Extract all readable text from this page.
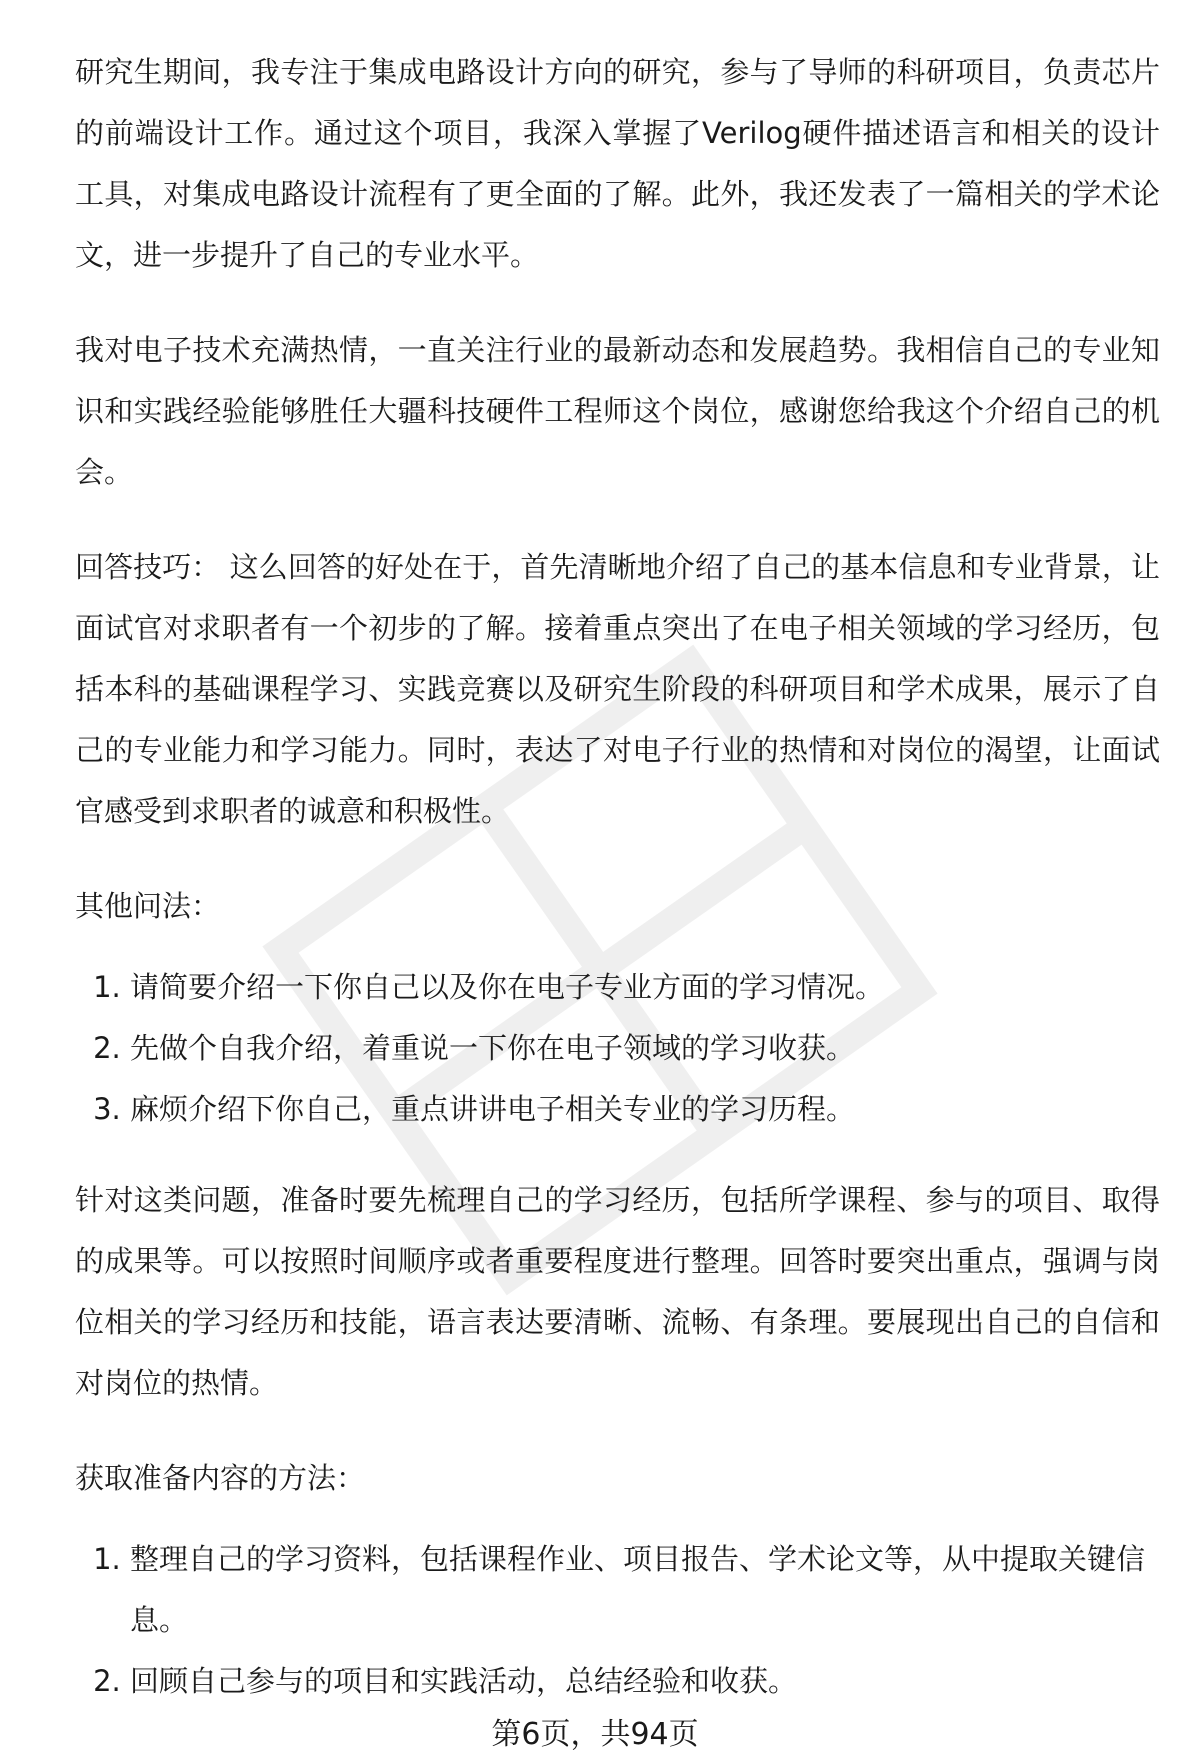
研究生期间，我专注于集成电路设计方向的研究，参与了导师的科研项目，负责芯片的前端设计工作。通过这个项目，我深入掌握了Verilog硬件描述语言和相关的设计工具，对集成电路设计流程有了更全面的了解。此外，我还发表了一篇相关的学术论文，进一步提升了自己的专业水平。

我对电子技术充满热情，一直关注行业的最新动态和发展趋势。我相信自己的专业知识和实践经验能够胜任大疆科技硬件工程师这个岗位，感谢您给我这个介绍自己的机会。

回答技巧： 这么回答的好处在于，首先清晰地介绍了自己的基本信息和专业背景，让面试官对求职者有一个初步的了解。接着重点突出了在电子相关领域的学习经历，包括本科的基础课程学习、实践竞赛以及研究生阶段的科研项目和学术成果，展示了自己的专业能力和学习能力。同时，表达了对电子行业的热情和对岗位的渴望，让面试官感受到求职者的诚意和积极性。

其他问法：

1. 请简要介绍一下你自己以及你在电子专业方面的学习情况。
2. 先做个自我介绍，着重说一下你在电子领域的学习收获。
3. 麻烦介绍下你自己，重点讲讲电子相关专业的学习历程。

针对这类问题，准备时要先梳理自己的学习经历，包括所学课程、参与的项目、取得的成果等。可以按照时间顺序或者重要程度进行整理。回答时要突出重点，强调与岗位相关的学习经历和技能，语言表达要清晰、流畅、有条理。要展现出自己的自信和对岗位的热情。

获取准备内容的方法：

1. 整理自己的学习资料，包括课程作业、项目报告、学术论文等，从中提取关键信息。
2. 回顾自己参与的项目和实践活动，总结经验和收获。
第6页，共94页
